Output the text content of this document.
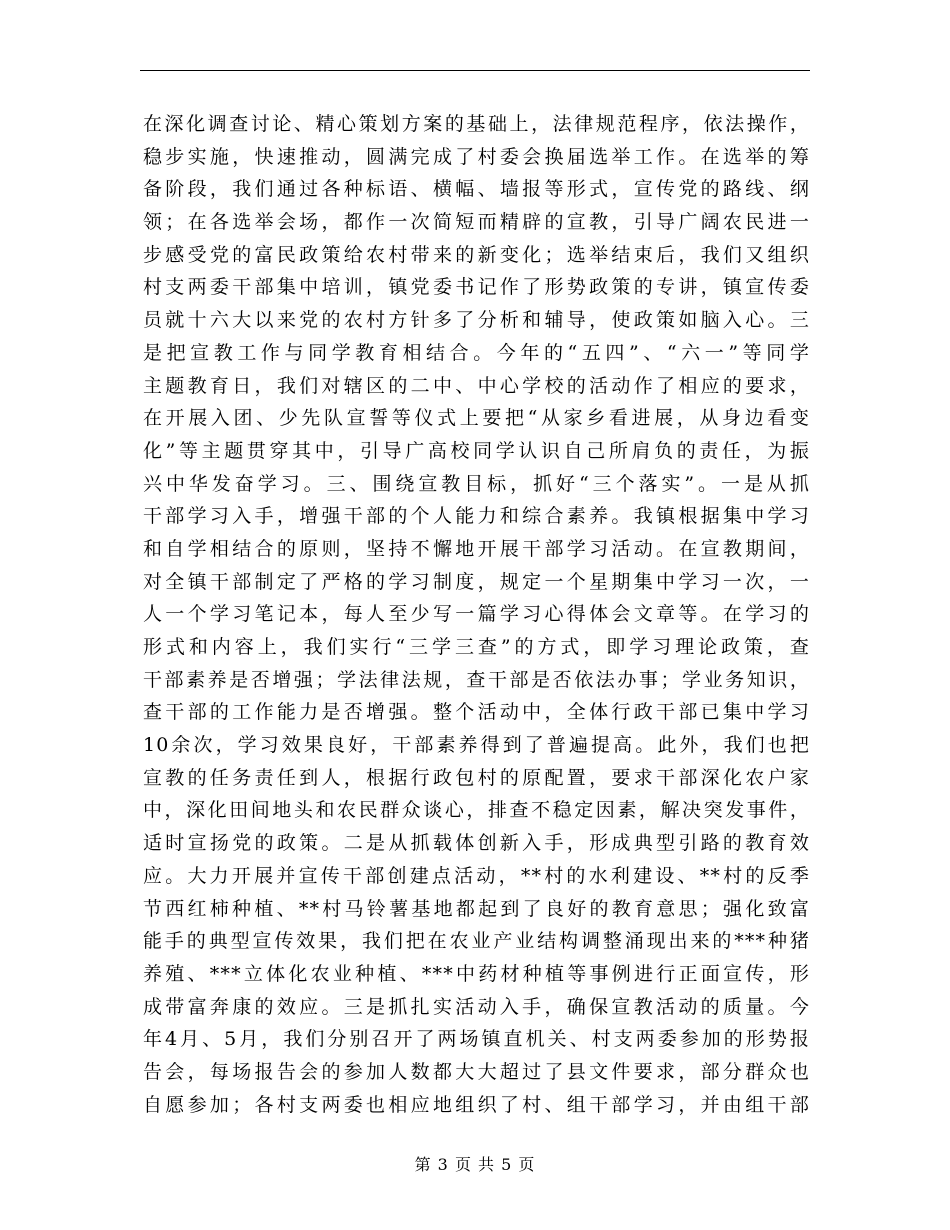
在深化调查讨论、精心策划方案的基础上，法律规范程序，依法操作，
稳步实施，快速推动，圆满完成了村委会换届选举工作。在选举的筹
备阶段，我们通过各种标语、横幅、墙报等形式，宣传党的路线、纲
领；在各选举会场，都作一次简短而精辟的宣教，引导广阔农民进一
步感受党的富民政策给农村带来的新变化；选举结束后，我们又组织
村支两委干部集中培训，镇党委书记作了形势政策的专讲，镇宣传委
员就十六大以来党的农村方针多了分析和辅导，使政策如脑入心。三
是把宣教工作与同学教育相结合。今年的“五四”、“六一”等同学
主题教育日，我们对辖区的二中、中心学校的活动作了相应的要求，
在开展入团、少先队宣誓等仪式上要把“从家乡看进展，从身边看变
化”等主题贯穿其中，引导广高校同学认识自己所肩负的责任，为振
兴中华发奋学习。三、围绕宣教目标，抓好“三个落实”。一是从抓
干部学习入手，增强干部的个人能力和综合素养。我镇根据集中学习
和自学相结合的原则，坚持不懈地开展干部学习活动。在宣教期间，
对全镇干部制定了严格的学习制度，规定一个星期集中学习一次，一
人一个学习笔记本，每人至少写一篇学习心得体会文章等。在学习的
形式和内容上，我们实行“三学三查”的方式，即学习理论政策，查
干部素养是否增强；学法律法规，查干部是否依法办事；学业务知识，
查干部的工作能力是否增强。整个活动中，全体行政干部已集中学习
10余次，学习效果良好，干部素养得到了普遍提高。此外，我们也把
宣教的任务责任到人，根据行政包村的原配置，要求干部深化农户家
中，深化田间地头和农民群众谈心，排查不稳定因素，解决突发事件，
适时宣扬党的政策。二是从抓载体创新入手，形成典型引路的教育效
应。大力开展并宣传干部创建点活动，**村的水利建设、**村的反季
节西红柿种植、**村马铃薯基地都起到了良好的教育意思；强化致富
能手的典型宣传效果，我们把在农业产业结构调整涌现出来的***种猪
养殖、***立体化农业种植、***中药材种植等事例进行正面宣传，形
成带富奔康的效应。三是抓扎实活动入手，确保宣教活动的质量。今
年4月、5月，我们分别召开了两场镇直机关、村支两委参加的形势报
告会，每场报告会的参加人数都大大超过了县文件要求，部分群众也
自愿参加；各村支两委也相应地组织了村、组干部学习，并由组干部
第 3 页 共 5 页
